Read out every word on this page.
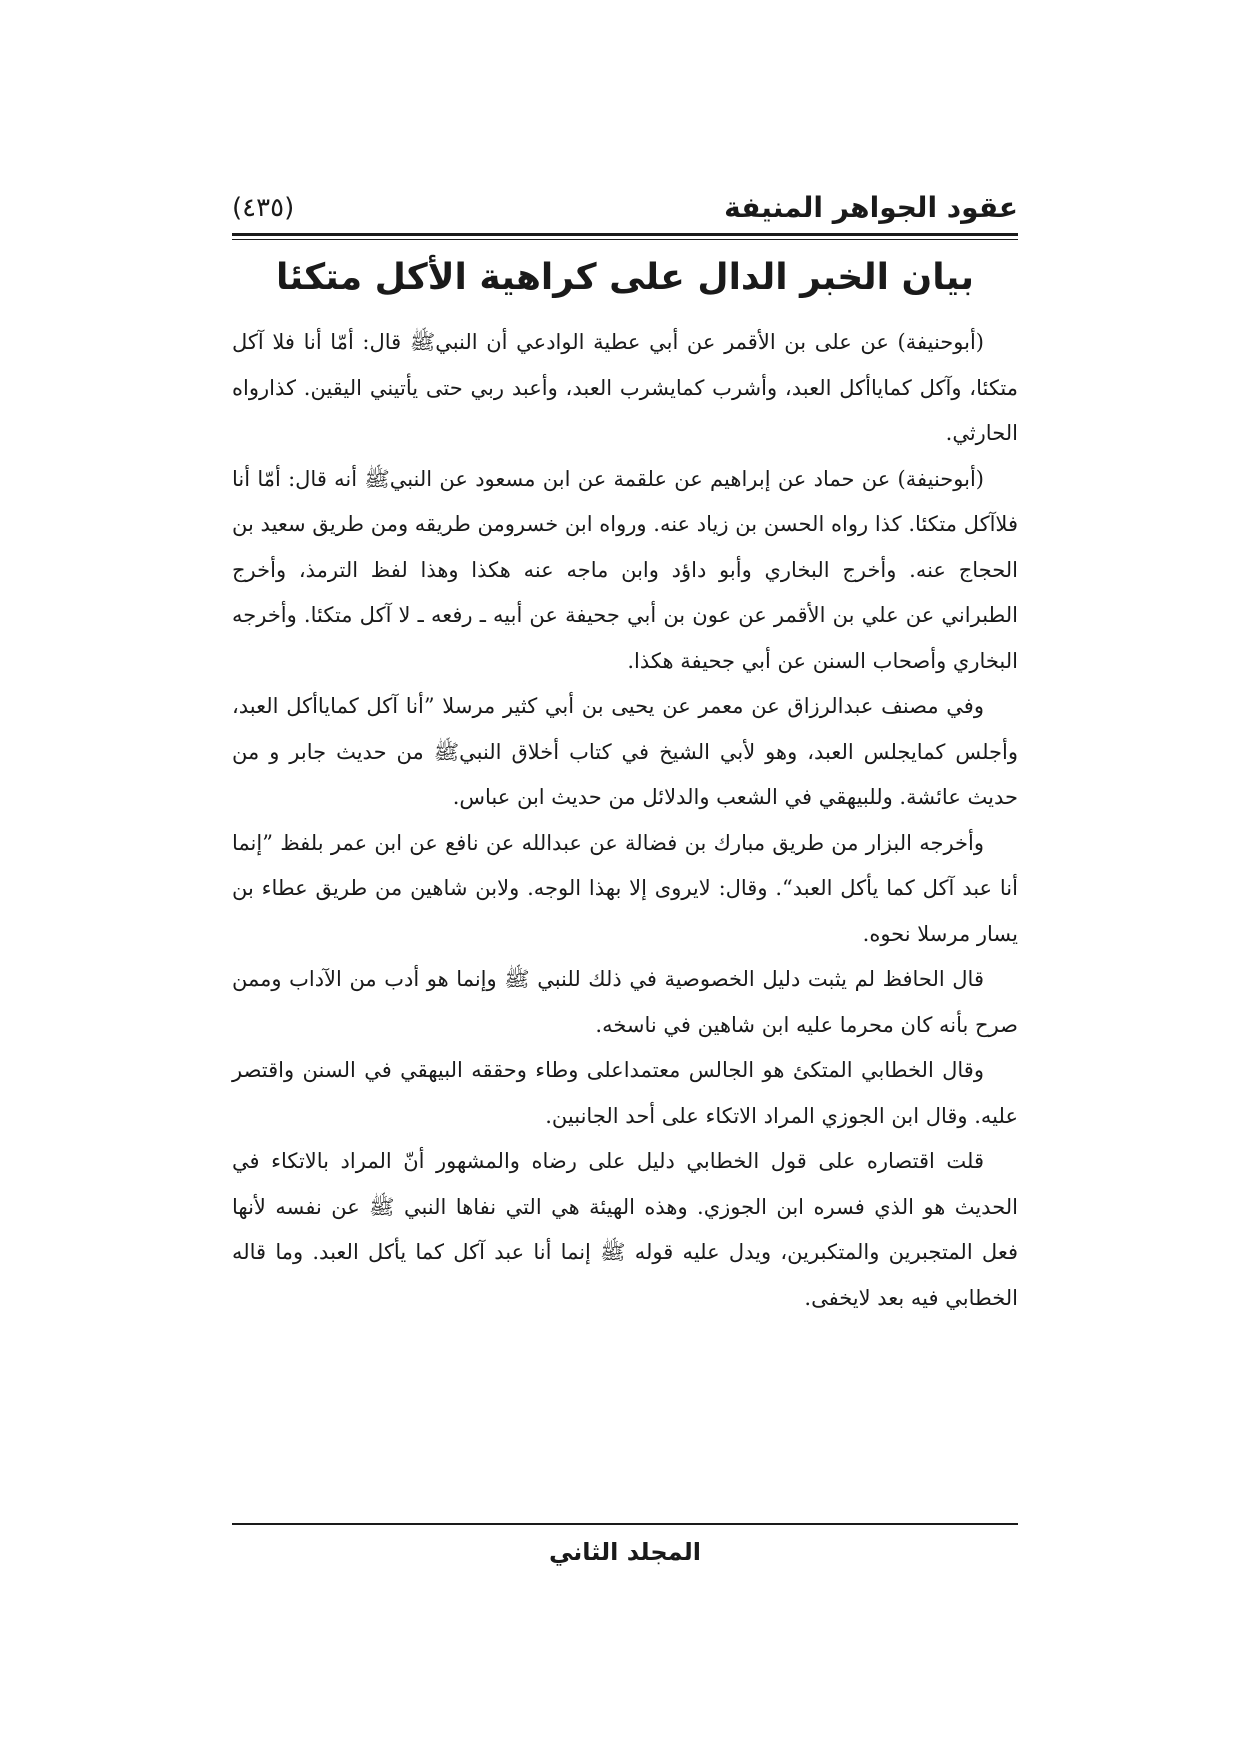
عقود الجواهر المنيفة
(٤٣٥)
بيان الخبر الدال على كراهية الأكل متكئا

(أبوحنيفة) عن على بن الأقمر عن أبي عطية الوادعي أن النبيﷺ قال: أمّا أنا فلا آكل متكئا، وآكل كماياأكل العبد، وأشرب كمايشرب العبد، وأعبد ربي حتى يأتيني اليقين. كذارواه الحارثي.

(أبوحنيفة) عن حماد عن إبراهيم عن علقمة عن ابن مسعود عن النبيﷺ أنه قال: أمّا أنا فلاآكل متكئا. كذا رواه الحسن بن زياد عنه. ورواه ابن خسرومن طريقه ومن طريق سعيد بن الحجاج عنه. وأخرج البخاري وأبو داؤد وابن ماجه عنه هكذا وهذا لفظ الترمذ، وأخرج الطبراني عن علي بن الأقمر عن عون بن أبي جحيفة عن أبيه ـ رفعه ـ لا آكل متكئا. وأخرجه البخاري وأصحاب السنن عن أبي جحيفة هكذا.

وفي مصنف عبدالرزاق عن معمر عن يحيى بن أبي كثير مرسلا ”أنا آكل كماياأكل العبد، وأجلس كمايجلس العبد، وهو لأبي الشيخ في كتاب أخلاق النبيﷺ من حديث جابر و من حديث عائشة. وللبيهقي في الشعب والدلائل من حديث ابن عباس.

وأخرجه البزار من طريق مبارك بن فضالة عن عبدالله عن نافع عن ابن عمر بلفظ ”إنما أنا عبد آكل كما يأكل العبد“. وقال: لايروى إلا بهذا الوجه. ولابن شاهين من طريق عطاء بن يسار مرسلا نحوه.

قال الحافظ لم يثبت دليل الخصوصية في ذلك للنبي ﷺ وإنما هو أدب من الآداب وممن صرح بأنه كان محرما عليه ابن شاهين في ناسخه.

وقال الخطابي المتكئ هو الجالس معتمداعلى وطاء وحققه البيهقي في السنن واقتصر عليه. وقال ابن الجوزي المراد الاتكاء على أحد الجانبين.

قلت اقتصاره على قول الخطابي دليل على رضاه والمشهور أنّ المراد بالاتكاء في الحديث هو الذي فسره ابن الجوزي. وهذه الهيئة هي التي نفاها النبي ﷺ عن نفسه لأنها فعل المتجبرين والمتكبرين، ويدل عليه قوله ﷺ إنما أنا عبد آكل كما يأكل العبد. وما قاله الخطابي فيه بعد لايخفى.

المجلد الثاني
